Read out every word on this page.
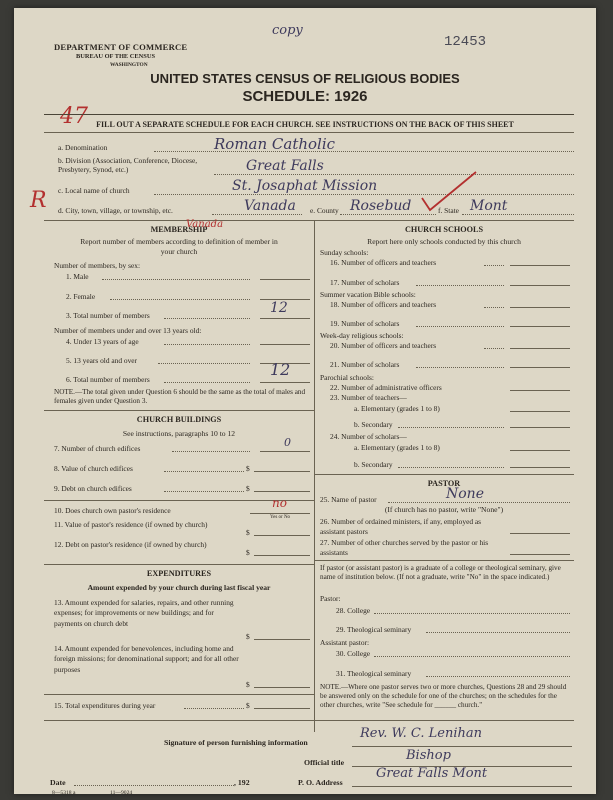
DEPARTMENT OF COMMERCE
BUREAU OF THE CENSUS
WASHINGTON
copy
12453
UNITED STATES CENSUS OF RELIGIOUS BODIES
SCHEDULE: 1926
47	FILL OUT A SEPARATE SCHEDULE FOR EACH CHURCH. SEE INSTRUCTIONS ON THE BACK OF THIS SHEET
a. Denomination	Roman Catholic
b. Division (Association, Conference, Diocese, Presbytery, Synod, etc.)	Great Falls
R c. Local name of church	St. Josaphat Mission
d. City, town, village, or township, etc.	Vanada e. County Rosebud	f. State Mont
MEMBERSHIP
Vanada
Report number of members according to definition of member in your church
Number of members, by sex:
1. Male
2. Female
3. Total number of members	12
Number of members under and over 13 years old:
4. Under 13 years of age
5. 13 years old and over
6. Total number of members
12
NOTE.—The total given under Question 6 should be the same as the total of males and females given under Question 3.
CHURCH BUILDINGS
See instructions, paragraphs 10 to 12
7. Number of church edifices	0
8. Value of church edifices	$
9. Debt on church edifices	$
10. Does church own pastor's residence
no
Yes or No
11. Value of pastor's residence (if owned by church)
$
12. Debt on pastor's residence (if owned by church)
$
EXPENDITURES
Amount expended by your church during last fiscal year
13. Amount expended for salaries, repairs, and other running expenses; for improvements or new buildings; and for payments on church debt
$
14. Amount expended for benevolences, including home and foreign missions; for denominational support; and for all other purposes
$
15. Total expenditures during year	$
CHURCH SCHOOLS
Report here only schools conducted by this church
Sunday schools:
16. Number of officers and teachers
17. Number of scholars
Summer vacation Bible schools:
18. Number of officers and teachers
19. Number of scholars
Week-day religious schools:
20. Number of officers and teachers
21. Number of scholars
Parochial schools:
22. Number of administrative officers
23. Number of teachers—
a. Elementary (grades 1 to 8)
b. Secondary
24. Number of scholars—
a. Elementary (grades 1 to 8)
b. Secondary
PASTOR
25. Name of pastor	None
(If church has no pastor, write "None")
26. Number of ordained ministers, if any, employed as assistant pastors
27. Number of other churches served by the pastor or his assistants
If pastor (or assistant pastor) is a graduate of a college or theological seminary, give name of institution below. (If not a graduate, write "No" in the space indicated.)
Pastor:
28. College
29. Theological seminary
Assistant pastor:
30. College
31. Theological seminary
NOTE.—Where one pastor serves two or more churches, Questions 28 and 29 should be answered only on the schedule for one of the churches; on the schedules for the other churches, write "See schedule for ______ church."
Signature of person furnishing information
Rev. W. C. Lenihan
Official title	Bishop
Date	, 192	P. O. Address
Great Falls Mont
8—5318 a	11—9024
